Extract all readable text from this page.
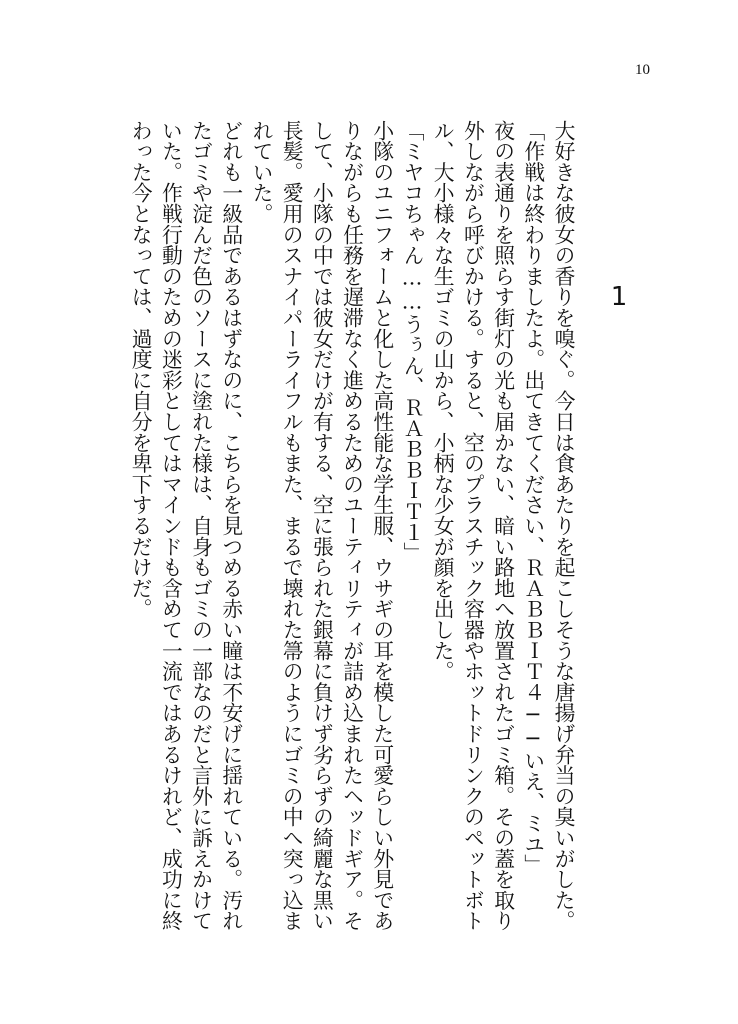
10
1

大好きな彼女の香りを嗅ぐ。今日は食あたりを起こしそうな唐揚げ弁当の臭いがした。

「作戦は終わりましたよ。出てきてください、ＲＡＢＢＩＴ４──いえ、ミユ」

夜の表通りを照らす街灯の光も届かない、暗い路地へ放置されたゴミ箱。その蓋を取り外しながら呼びかける。すると、空のプラスチック容器やホットドリンクのペットボトル、大小様々な生ゴミの山から、小柄な少女が顔を出した。

「ミヤコちゃん……うぅん、ＲＡＢＢＩＴ１」

小隊のユニフォームと化した高性能な学生服、ウサギの耳を模した可愛らしい外見でありながらも任務を遅滞なく進めるためのユーティリティが詰め込まれたヘッドギア。そして、小隊の中では彼女だけが有する、空に張られた銀幕に負けず劣らずの綺麗な黒い長髪。愛用のスナイパーライフルもまた、まるで壊れた箒のようにゴミの中へ突っ込まれていた。

どれも一級品であるはずなのに、こちらを見つめる赤い瞳は不安げに揺れている。汚れたゴミや淀んだ色のソースに塗れた様は、自身もゴミの一部なのだと言外に訴えかけていた。作戦行動のための迷彩としてはマインドも含めて一流ではあるけれど、成功に終わった今となっては、過度に自分を卑下するだけだ。
